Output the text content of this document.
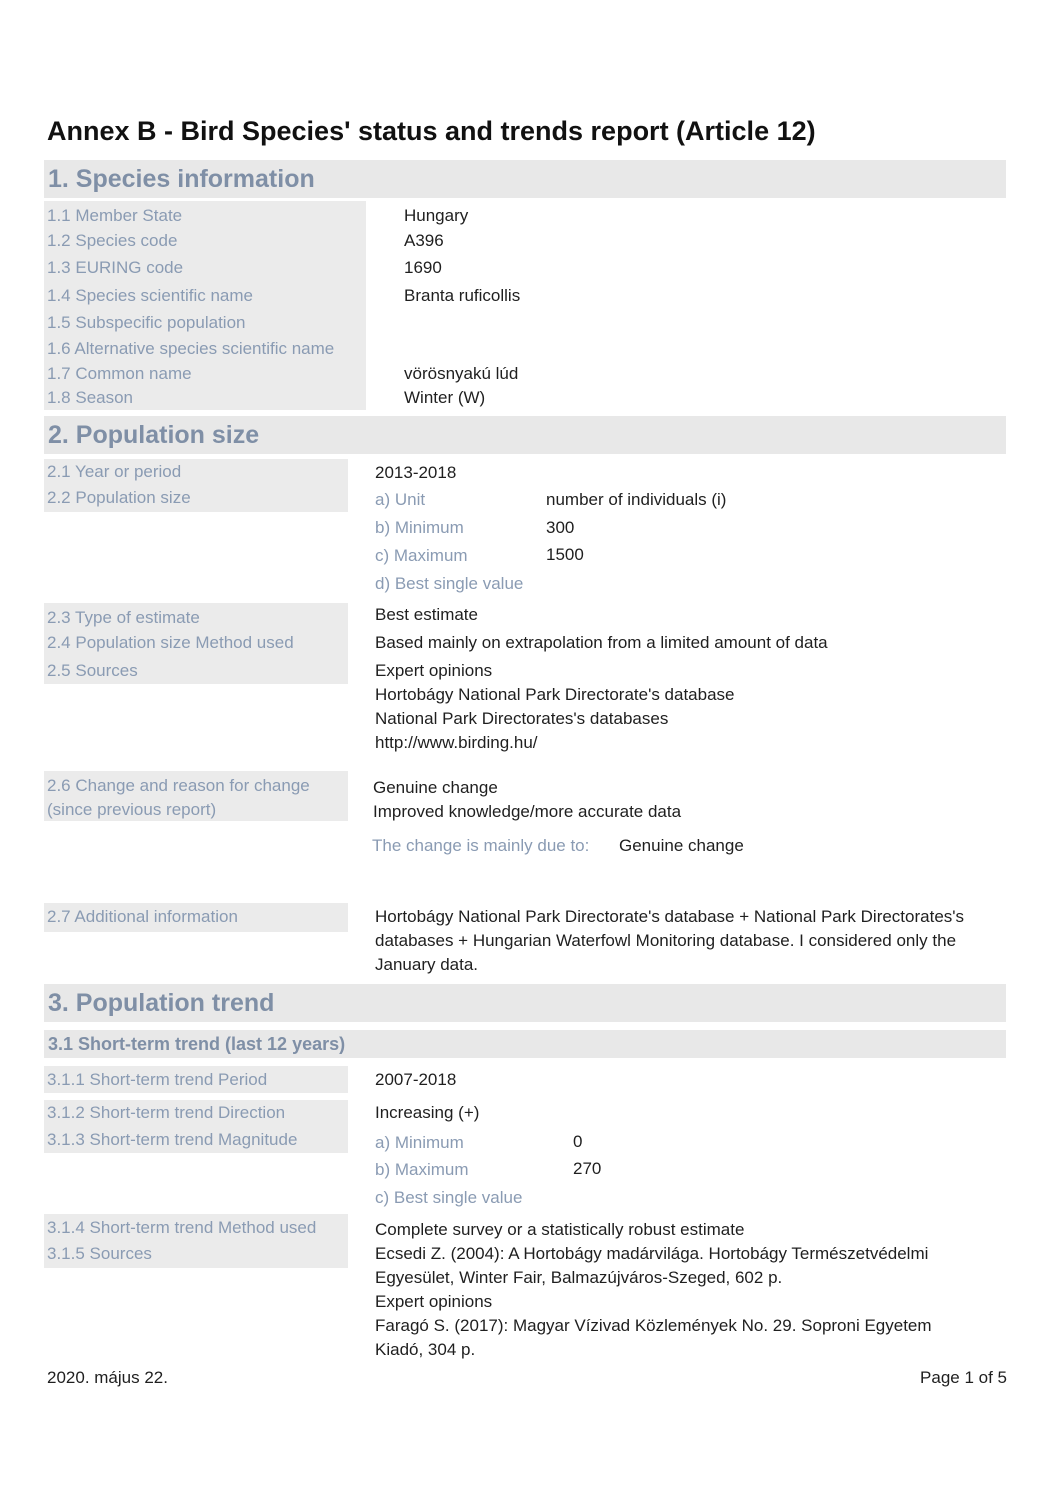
Annex B - Bird Species' status and trends report (Article 12)
1. Species information
1.1 Member State	Hungary
1.2 Species code	A396
1.3 EURING code	1690
1.4 Species scientific name	Branta ruficollis
1.5 Subspecific population
1.6 Alternative species scientific name
1.7 Common name	vörösnyakú lúd
1.8 Season	Winter (W)
2. Population size
2.1 Year or period	2013-2018
2.2 Population size	a) Unit	number of individuals (i)
b) Minimum	300
c) Maximum	1500
d) Best single value
2.3 Type of estimate	Best estimate
2.4 Population size Method used	Based mainly on extrapolation from a limited amount of data
2.5 Sources	Expert opinions
Hortobágy National Park Directorate's database
National Park Directorates's databases
http://www.birding.hu/
2.6 Change and reason for change
(since previous report)
Genuine change
Improved knowledge/more accurate data
The change is mainly due to: Genuine change
2.7 Additional information	Hortobágy National Park Directorate's database + National Park Directorates's databases + Hungarian Waterfowl Monitoring database. I considered only the January data.
3. Population trend
3.1 Short-term trend (last 12 years)
3.1.1 Short-term trend Period	2007-2018
3.1.2 Short-term trend Direction	Increasing (+)
3.1.3 Short-term trend Magnitude	a) Minimum	0
b) Maximum	270
c) Best single value
3.1.4 Short-term trend Method used	Complete survey or a statistically robust estimate
3.1.5 Sources	Ecsedi Z. (2004): A Hortobágy madárvilága. Hortobágy Természetvédelmi Egyesület, Winter Fair, Balmazújváros-Szeged, 602 p.
Expert opinions
Faragó S. (2017): Magyar Vízivad Közlemények No. 29. Soproni Egyetem Kiadó, 304 p.
2020. május 22.	Page 1 of 5
